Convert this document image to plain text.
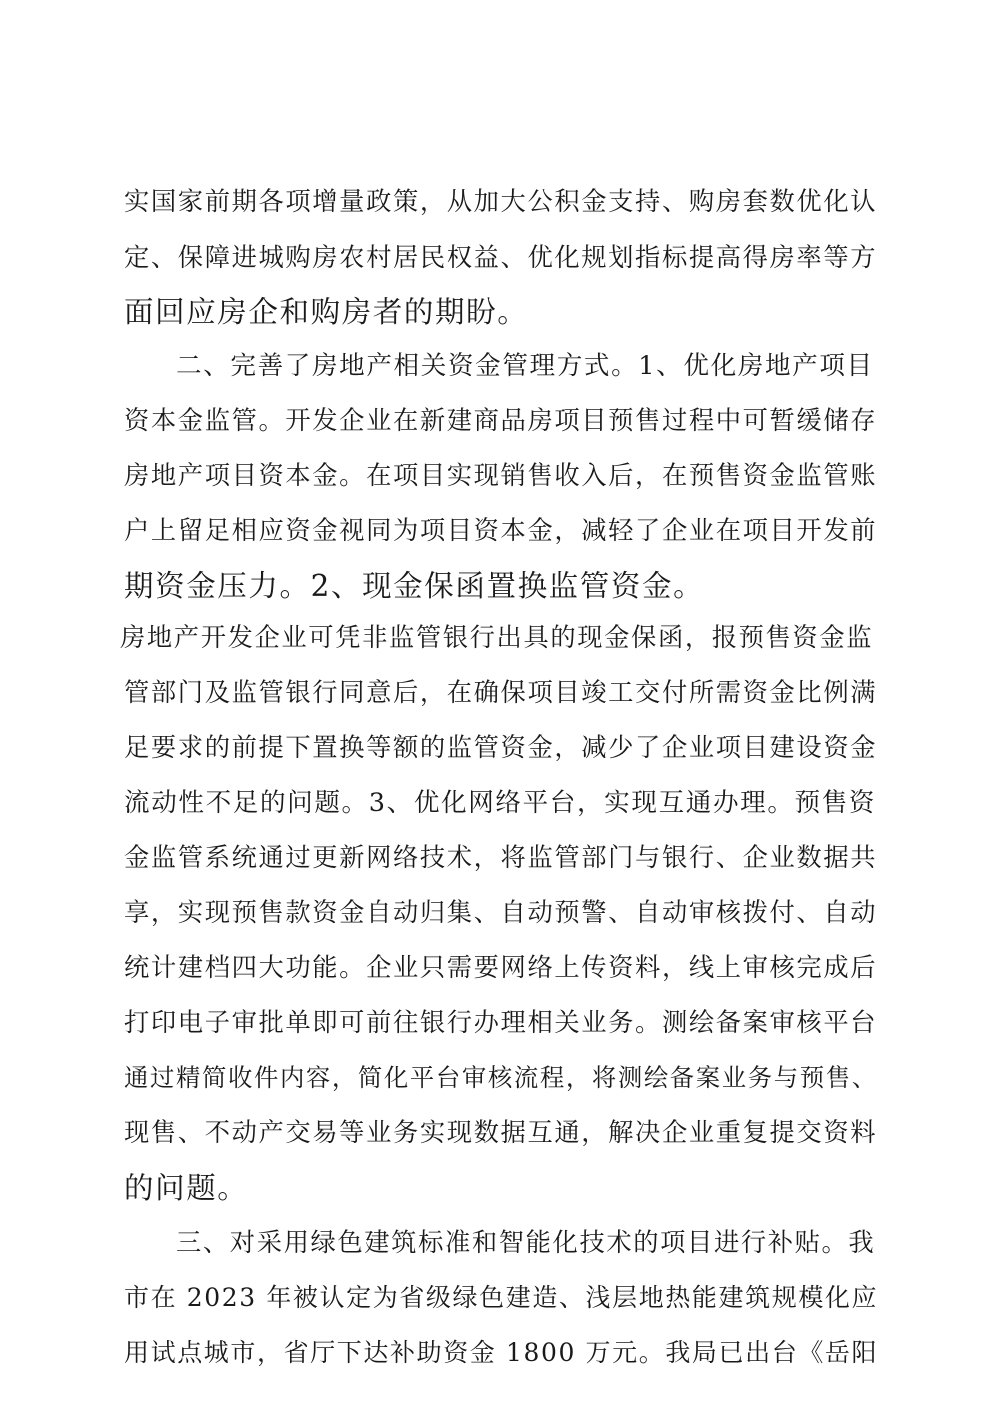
实国家前期各项增量政策，从加大公积金支持、购房套数优化认
定、保障进城购房农村居民权益、优化规划指标提高得房率等方
面回应房企和购房者的期盼。
二、完善了房地产相关资金管理方式。1、优化房地产项目
资本金监管。开发企业在新建商品房项目预售过程中可暂缓储存
房地产项目资本金。在项目实现销售收入后，在预售资金监管账
户上留足相应资金视同为项目资本金，减轻了企业在项目开发前
期资金压力。2、现金保函置换监管资金。
房地产开发企业可凭非监管银行出具的现金保函，报预售资金监
管部门及监管银行同意后，在确保项目竣工交付所需资金比例满
足要求的前提下置换等额的监管资金，减少了企业项目建设资金
流动性不足的问题。3、优化网络平台，实现互通办理。预售资
金监管系统通过更新网络技术，将监管部门与银行、企业数据共
享，实现预售款资金自动归集、自动预警、自动审核拨付、自动
统计建档四大功能。企业只需要网络上传资料，线上审核完成后
打印电子审批单即可前往银行办理相关业务。测绘备案审核平台
通过精简收件内容，简化平台审核流程，将测绘备案业务与预售、
现售、不动产交易等业务实现数据互通，解决企业重复提交资料
的问题。
三、对采用绿色建筑标准和智能化技术的项目进行补贴。我
市在 2023 年被认定为省级绿色建造、浅层地热能建筑规模化应
用试点城市，省厅下达补助资金 1800 万元。我局已出台《岳阳
